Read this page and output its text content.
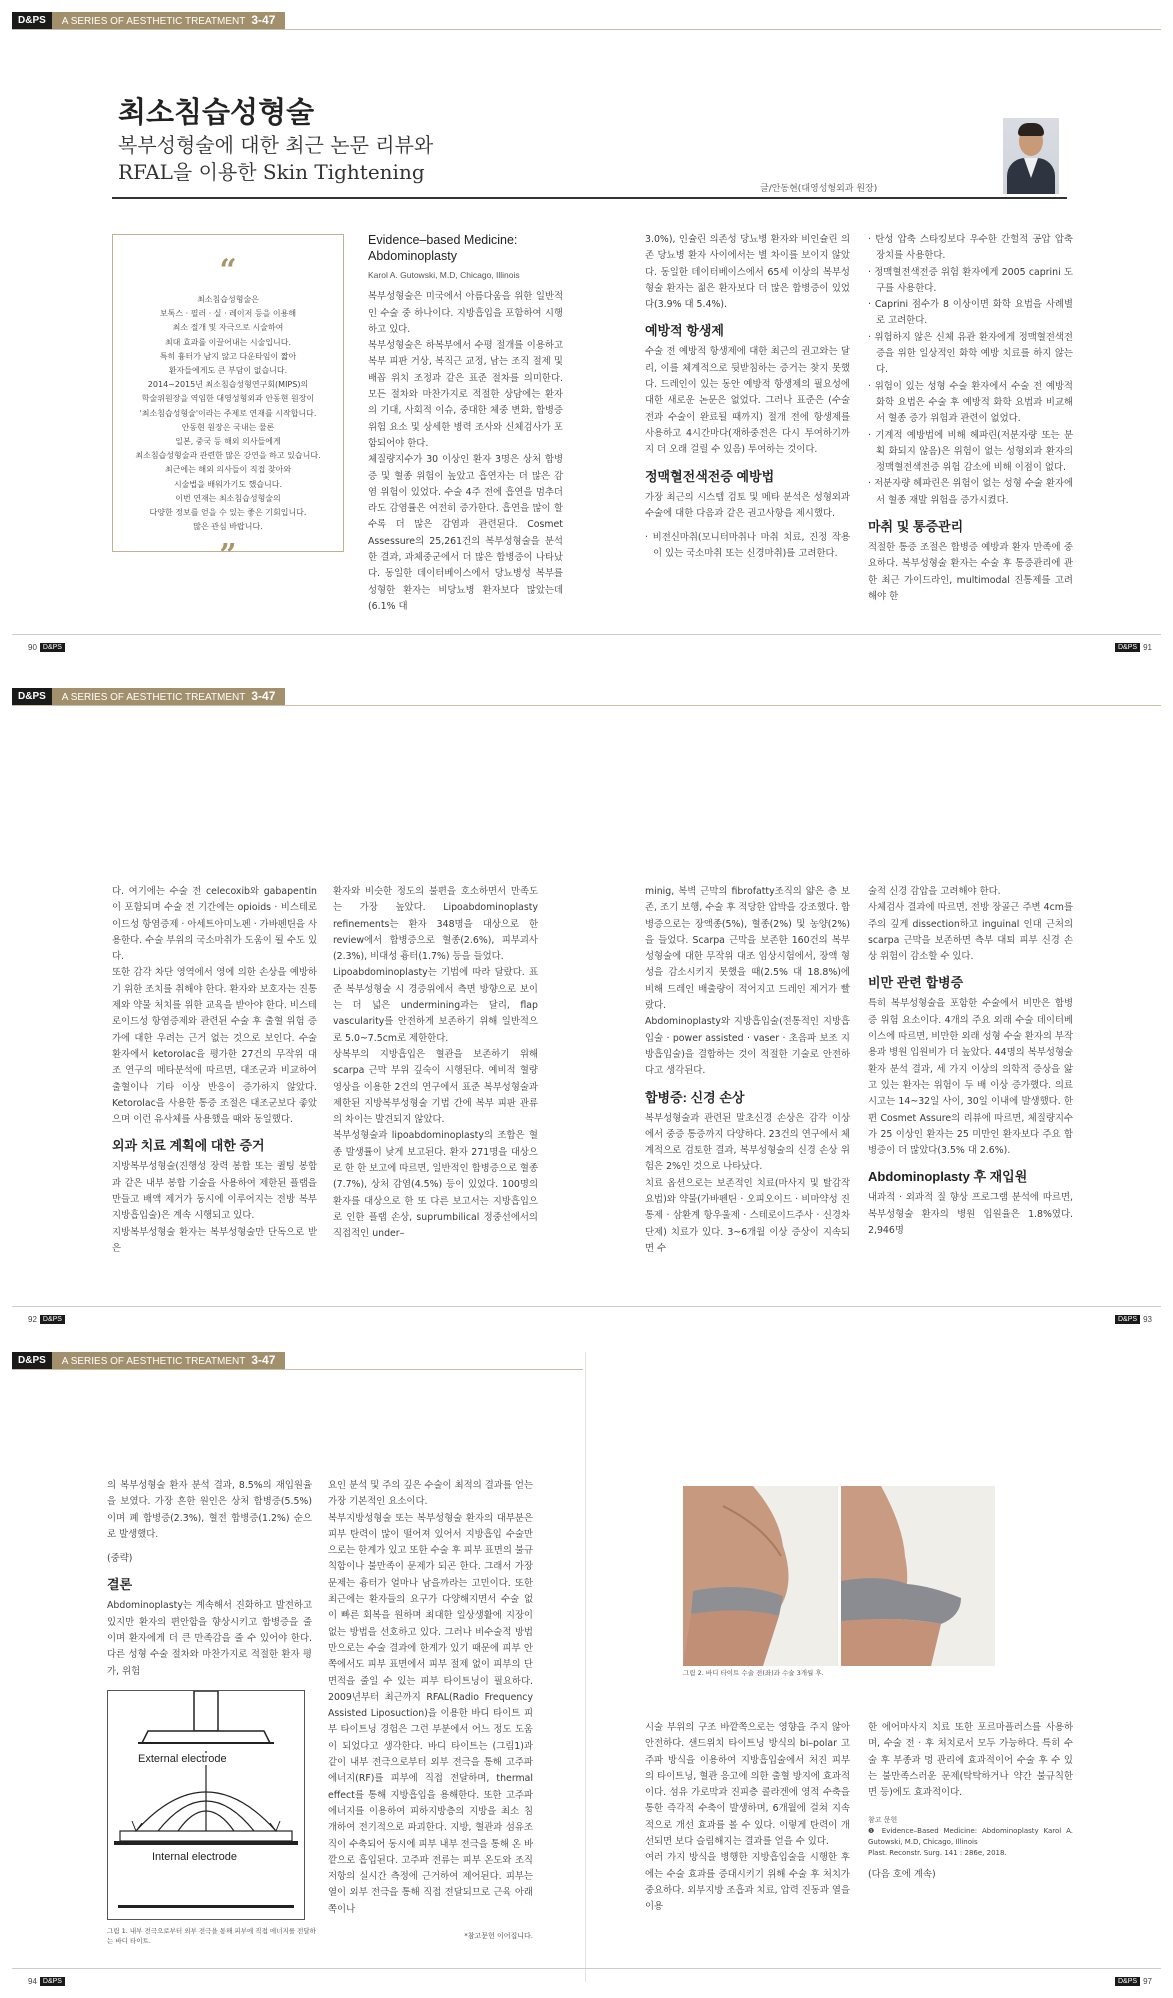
D&PS	A SERIES OF AESTHETIC TREATMENT 3-47
최소침습성형술
복부성형술에 대한 최근 논문 리뷰와
RFAL을 이용한 Skin Tightening
글/안동현(대영성형외과 원장)
“
최소침습성형술은
보톡스 · 필러 · 실 · 레이저 등을 이용해
최소 절개 및 자극으로 시술하여
최대 효과를 이끌어내는 시술입니다.
특히 흉터가 남지 않고 다운타임이 짧아
환자들에게도 큰 부담이 없습니다.
2014~2015년 최소침습성형연구회(MIPS)의
학술위원장을 역임한 대영성형외과 안동현 원장이
'최소침습성형술'이라는 주제로 연재를 시작합니다.
안동현 원장은 국내는 물론
일본, 중국 등 해외 의사들에게
최소침습성형술과 관련한 많은 강연을 하고 있습니다.
최근에는 해외 의사들이 직접 찾아와
시술법을 배워가기도 했습니다.
이번 연재는 최소침습성형술의
다양한 정보를 얻을 수 있는 좋은 기회입니다.
많은 관심 바랍니다.
”
Evidence–based Medicine:
Abdominoplasty
Karol A. Gutowski, M.D, Chicago, Illinois

복부성형술은 미국에서 아름다움을 위한 일반적인 수술 중 하나이다. 지방흡입을 포함하여 시행하고 있다.

복부성형술은 하복부에서 수평 절개를 이용하고 복부 피판 거상, 복직근 교정, 남는 조직 절제 및 배꼽 위치 조정과 같은 표준 절차를 의미한다. 모든 절차와 마찬가지로 적절한 상담에는 환자의 기대, 사회적 이슈, 중대한 체중 변화, 합병증 위험 요소 및 상세한 병력 조사와 신체검사가 포함되어야 한다.

체질량지수가 30 이상인 환자 3명은 상처 합병증 및 혈종 위험이 높았고 흡연자는 더 많은 감염 위험이 있었다. 수술 4주 전에 흡연을 멈추더라도 감염률은 여전히 증가한다. 흡연을 많이 할수록 더 많은 감염과 관련된다. Cosmet Assessure의 25,261건의 복부성형술을 분석한 결과, 과체중군에서 더 많은 합병증이 나타났다. 동일한 데이터베이스에서 당뇨병성 복부를 성형한 환자는 비당뇨병 환자보다 많았는데(6.1% 대

3.0%), 인슐린 의존성 당뇨병 환자와 비인슐린 의존 당뇨병 환자 사이에서는 별 차이를 보이지 않았다. 동일한 데이터베이스에서 65세 이상의 복부성형술 환자는 젊은 환자보다 더 많은 합병증이 있었다(3.9% 대 5.4%).

예방적 항생제

수술 전 예방적 항생제에 대한 최근의 권고와는 달리, 이를 체계적으로 뒷받침하는 증거는 찾지 못했다. 드레인이 있는 동안 예방적 항생제의 필요성에 대한 새로운 논문은 없었다. 그러나 표준은 (수술 전과 수술이 완료될 때까지) 절개 전에 항생제를 사용하고 4시간마다(재하중전은 다시 투여하기까지 더 오래 걸릴 수 있음) 투여하는 것이다.

정맥혈전색전증 예방법

가장 최근의 시스템 검토 및 메타 분석은 성형외과 수술에 대한 다음과 같은 권고사항을 제시했다.

· 비전신마취(모니터마취나 마취 치료, 진정 작용이 있는 국소마취 또는 신경마취)를 고려한다.

· 탄성 압축 스타킹보다 우수한 간헐적 공압 압축 장치를 사용한다.

· 정맥혈전색전증 위험 환자에게 2005 caprini 도구를 사용한다.

· Caprini 점수가 8 이상이면 화학 요법을 사례별로 고려한다.

· 위험하지 않은 신체 유관 환자에게 정맥혈전색전증을 위한 일상적인 화학 예방 치료를 하지 않는다.

· 위험이 있는 성형 수술 환자에서 수술 전 예방적 화학 요법은 수술 후 예방적 화학 요법과 비교해서 혈종 증가 위험과 관련이 없었다.

· 기계적 예방법에 비해 헤파린(저분자량 또는 분획 화되지 않음)은 위험이 없는 성형외과 환자의 정맥혈전색전증 위험 감소에 비해 이점이 없다.

· 저분자량 헤파린은 위험이 없는 성형 수술 환자에서 혈종 재발 위험을 증가시켰다.

마취 및 통증관리

적절한 통증 조절은 합병증 예방과 환자 만족에 중요하다. 복부성형술 환자는 수술 후 통증관리에 관한 최근 가이드라인, multimodal 진통제를 고려해야 한

90 D&PS	D&PS 91
D&PS	A SERIES OF AESTHETIC TREATMENT 3-47

다. 여기에는 수술 전 celecoxib와 gabapentin이 포함되며 수술 전 기간에는 opioids · 비스테로이드성 항염증제 · 아세트아미노펜 · 가바펜틴을 사용한다. 수술 부위의 국소마취가 도움이 될 수도 있다.

또한 감각 차단 영역에서 영에 의한 손상을 예방하기 위한 조치를 취해야 한다. 환자와 보호자는 진통제와 약물 처치를 위한 교육을 받아야 한다. 비스테로이드성 항염증제와 관련된 수술 후 출혈 위험 증가에 대한 우려는 근거 없는 것으로 보인다. 수술 환자에서 ketorolac을 평가한 27건의 무작위 대조 연구의 메타분석에 따르면, 대조군과 비교하여 출혈이나 기타 이상 반응이 증가하지 않았다. Ketorolac을 사용한 통증 조절은 대조군보다 좋았으며 이런 유사체를 사용했을 때와 동일했다.

외과 치료 계획에 대한 증거

지방복부성형술(진행성 장력 봉합 또는 퀼팅 봉합과 같은 내부 봉합 기술을 사용하여 제한된 플랩을 만들고 배액 제거가 동시에 이루어지는 전방 복부지방흡입술)은 계속 시행되고 있다.

지방복부성형술 환자는 복부성형술만 단독으로 받은

환자와 비슷한 정도의 불편을 호소하면서 만족도는 가장 높았다. Lipoabdominoplasty refinements는 환자 348명을 대상으로 한 review에서 합병증으로 혈종(2.6%), 피부괴사(2.3%), 비대성 흉터(1.7%) 등을 들었다.

Lipoabdominoplasty는 기법에 따라 달랐다. 표준 복부성형술 시 경증위에서 측면 방향으로 보이는 더 넓은 undermining과는 달리, flap vascularity를 안전하게 보존하기 위해 일반적으로 5.0~7.5cm로 제한한다.

상복부의 지방흡입은 혈관을 보존하기 위해 scarpa 근막 부위 깊숙이 시행된다. 예비적 혈량 영상을 이용한 2건의 연구에서 표준 복부성형술과 제한된 지방복부성형술 기법 간에 복부 피판 관류의 차이는 발견되지 않았다.

복부성형술과 lipoabdominoplasty의 조합은 혈종 발생률이 낮게 보고된다. 환자 271명을 대상으로 한 한 보고에 따르면, 일반적인 합병증으로 혈종(7.7%), 상처 감염(4.5%) 등이 있었다. 100명의 환자를 대상으로 한 또 다른 보고서는 지방흡입으로 인한 플랩 손상, suprumbilical 정중선에서의 직접적인 under–

minig, 복벽 근막의 fibrofatty조직의 얇은 층 보존, 조기 보행, 수술 후 적당한 압박을 강조했다. 합병증으로는 장액종(5%), 혈종(2%) 및 농양(2%)을 들었다. Scarpa 근막을 보존한 160건의 복부성형술에 대한 무작위 대조 임상시험에서, 장액 형성을 감소시키지 못했을 때(2.5% 대 18.8%)에 비해 드레인 배출량이 적어지고 드레인 제거가 빨랐다.

Abdominoplasty와 지방흡입술(전통적인 지방흡입술 · power assisted · vaser · 초음파 보조 지방흡입술)을 결합하는 것이 적절한 기술로 안전하다고 생각된다.

합병증: 신경 손상

복부성형술과 관련된 말초신경 손상은 감각 이상에서 중증 통증까지 다양하다. 23건의 연구에서 체계적으로 검토한 결과, 복부성형술의 신경 손상 위험은 2%인 것으로 나타났다.

치료 옵션으로는 보존적인 치료(마사지 및 탈감작 요법)와 약물(가바펜틴 · 오피오이드 · 비마약성 진통제 · 삼환계 항우울제 · 스테로이드주사 · 신경차단제) 치료가 있다. 3~6개월 이상 증상이 지속되면 수

술적 신경 감압을 고려해야 한다.

사체검사 결과에 따르면, 전방 장골근 주변 4cm를 주의 깊게 dissection하고 inguinal 인대 근처의 scarpa 근막을 보존하면 측부 대퇴 피부 신경 손상 위험이 감소할 수 있다.

비만 관련 합병증

특히 복부성형술을 포함한 수술에서 비만은 합병증 위험 요소이다. 4개의 주요 외래 수술 데이터베이스에 따르면, 비만한 외래 성형 수술 환자의 부작용과 병원 입원비가 더 높았다. 44명의 복부성형술 환자 분석 결과, 세 가지 이상의 의학적 증상을 앓고 있는 환자는 위험이 두 배 이상 증가했다. 의료시고는 14~32일 사이, 30일 이내에 발생했다. 한편 Cosmet Assure의 리뷰에 따르면, 체질량지수가 25 이상인 환자는 25 미만인 환자보다 주요 합병증이 더 많았다(3.5% 대 2.6%).

Abdominoplasty 후 재입원

내과적 · 외과적 질 향상 프로그램 분석에 따르면, 복부성형술 환자의 병원 입원율은 1.8%였다. 2,946명

92 D&PS	D&PS 93
D&PS	A SERIES OF AESTHETIC TREATMENT 3-47

의 복부성형술 환자 분석 결과, 8.5%의 재입원율을 보였다. 가장 흔한 원인은 상처 합병증(5.5%)이며 폐 합병증(2.3%), 혈전 합병증(1.2%) 순으로 발생했다.

(중략)

결론

Abdominoplasty는 계속해서 진화하고 발전하고 있지만 환자의 편안함을 향상시키고 합병증을 줄이며 환자에게 더 큰 만족감을 줄 수 있어야 한다. 다른 성형 수술 절차와 마찬가지로 적절한 환자 평가, 위험

요인 분석 및 주의 깊은 수술이 최적의 결과를 얻는 가장 기본적인 요소이다.

복부지방성형술 또는 복부성형술 환자의 대부분은 피부 탄력이 많이 떨어져 있어서 지방흡입 수술만으로는 한계가 있고 또한 수술 후 피부 표면의 불규칙함이나 불만족이 문제가 되곤 한다. 그래서 가장 문제는 흉터가 얼마나 남을까라는 고민이다. 또한 최근에는 환자들의 요구가 다양해지면서 수술 없이 빠른 회복을 원하며 최대한 일상생활에 지장이 없는 방법을 선호하고 있다. 그러나 비수술적 방법만으로는 수술 결과에 한계가 있기 때문에 피부 안쪽에서도 피부 표면에서 피부 절제 없이 피부의 단면적을 줄일 수 있는 피부 타이트닝이 필요하다. 2009년부터 최근까지 RFAL(Radio Frequency Assisted Liposuction)을 이용한 바디 타이트 피부 타이트닝 경험은 그런 부분에서 어느 정도 도움이 되었다고 생각한다. 바디 타이트는 (그림1)과 같이 내부 전극으로부터 외부 전극을 통해 고주파 에너지(RF)를 피부에 직접 전달하며, thermal effect를 통해 지방흡입을 용해한다. 또한 고주파 에너지를 이용하여 피하지방층의 지방을 최소 침개하여 전기적으로 파괴한다. 지방, 혈관과 섬유조직이 수축되어 동시에 피부 내부 전극을 통해 온 바깥으로 흡입된다. 고주파 전류는 피부 온도와 조직 저항의 실시간 측정에 근거하여 제어된다. 피부는 열이 외부 전극을 통해 직접 전달되므로 근육 아래쪽이나

*참고문헌 이어집니다.

시술 부위의 구조 바깥쪽으로는 영향을 주지 않아 안전하다. 샌드위치 타이트닝 방식의 bi–polar 고주파 방식을 이용하여 지방흡입술에서 처진 피부의 타이트닝, 혈관 응고에 의한 출혈 방지에 효과적이다. 섬유 가로막과 진피층 콜라겐에 영적 수축을 통한 즉각적 수축이 발생하며, 6개월에 걸쳐 지속적으로 개선 효과를 볼 수 있다. 이렇게 탄력이 개선되면 보다 슬림해지는 결과를 얻을 수 있다.

여러 가지 방식을 병행한 지방흡입술을 시행한 후에는 수술 효과를 증대시키기 위해 수술 후 처치가 중요하다. 외부지방 조흡과 치료, 압력 진동과 열을 이용

한 에어마사지 치료 또한 포르마플러스를 사용하며, 수술 전 · 후 처치로서 모두 가능하다. 특히 수술 후 부종과 멍 관리에 효과적이어 수술 후 수 있는 불만족스러운 문제(탁탁하거나 약간 불규칙한 면 등)에도 효과적이다.

참고 문헌
❶ Evidence–Based Medicine: Abdominoplasty Karol A. Gutowski, M.D, Chicago, Illinois
Plast. Reconstr. Surg. 141 : 286e, 2018.

(다음 호에 계속)

94 D&PS	D&PS 97
External electrode
Internal electrode
그림 1. 내부 전극으로부터 외부 전극을 통해 피부에 직접 에너지를 전달하는 바디 타이트.
그림 2. 바디 타이트 수술 전(좌)과 수술 3개월 후.
